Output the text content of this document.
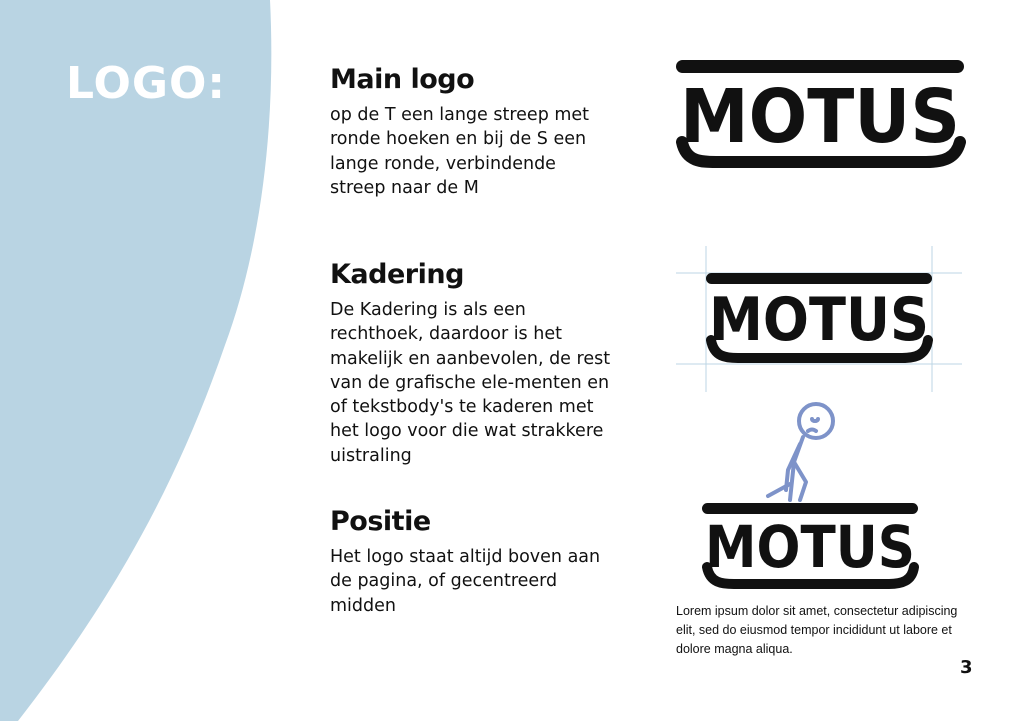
LOGO:	Main logo

op de T een lange streep met ronde hoeken en bij de S een lange ronde, verbindende streep naar de M

Kadering

De Kadering is als een rechthoek, daardoor is het makelijk en aanbevolen, de rest van de grafische ele-menten en of tekstbody's te kaderen met het logo voor die wat strakkere uistraling

Positie

Het logo staat altijd boven aan de pagina, of gecentreerd midden

MOTUS
MOTUS
MOTUS
Lorem ipsum dolor sit amet, consectetur adipiscing elit, sed do eiusmod tempor incididunt ut labore et dolore magna aliqua.
3
